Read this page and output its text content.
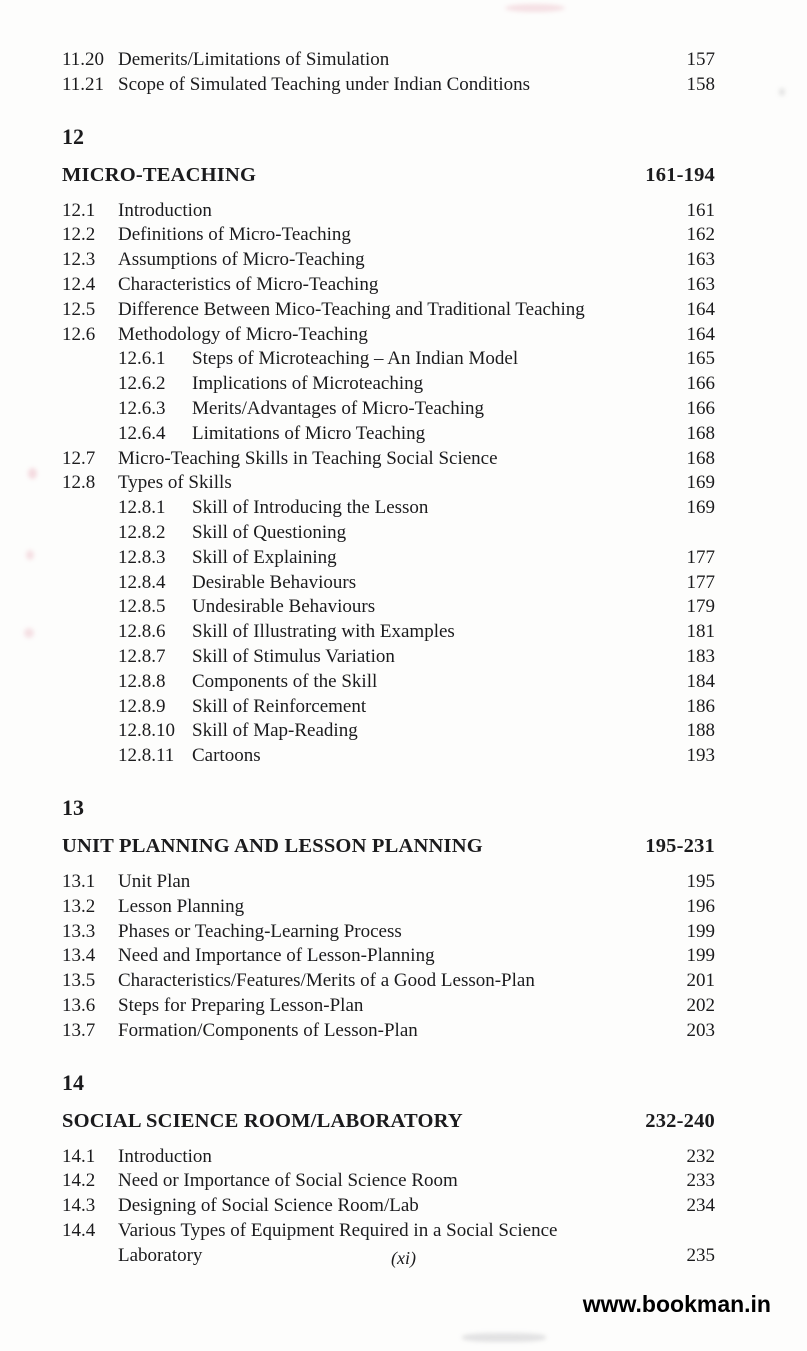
11.20 Demerits/Limitations of Simulation	157
11.21 Scope of Simulated Teaching under Indian Conditions	158
12
MICRO-TEACHING	161-194
12.1	Introduction	161
12.2	Definitions of Micro-Teaching	162
12.3	Assumptions of Micro-Teaching	163
12.4	Characteristics of Micro-Teaching	163
12.5	Difference Between Mico-Teaching and Traditional Teaching	164
12.6	Methodology of Micro-Teaching	164
12.6.1	Steps of Microteaching – An Indian Model	165
12.6.2	Implications of Microteaching	166
12.6.3	Merits/Advantages of Micro-Teaching	166
12.6.4	Limitations of Micro Teaching	168
12.7	Micro-Teaching Skills in Teaching Social Science	168
12.8	Types of Skills	169
12.8.1	Skill of Introducing the Lesson	169
12.8.2	Skill of Questioning
12.8.3	Skill of Explaining	177
12.8.4	Desirable Behaviours	177
12.8.5	Undesirable Behaviours	179
12.8.6	Skill of Illustrating with Examples	181
12.8.7	Skill of Stimulus Variation	183
12.8.8	Components of the Skill	184
12.8.9	Skill of Reinforcement	186
12.8.10 Skill of Map-Reading	188
12.8.11 Cartoons	193
13
UNIT PLANNING AND LESSON PLANNING	195-231
13.1	Unit Plan	195
13.2	Lesson Planning	196
13.3	Phases or Teaching-Learning Process	199
13.4	Need and Importance of Lesson-Planning	199
13.5	Characteristics/Features/Merits of a Good Lesson-Plan	201
13.6	Steps for Preparing Lesson-Plan	202
13.7	Formation/Components of Lesson-Plan	203
14
SOCIAL SCIENCE ROOM/LABORATORY	232-240
14.1	Introduction	232
14.2	Need or Importance of Social Science Room	233
14.3	Designing of Social Science Room/Lab	234
14.4	Various Types of Equipment Required in a Social Science
Laboratory	235
(xi)
www.bookman.in
